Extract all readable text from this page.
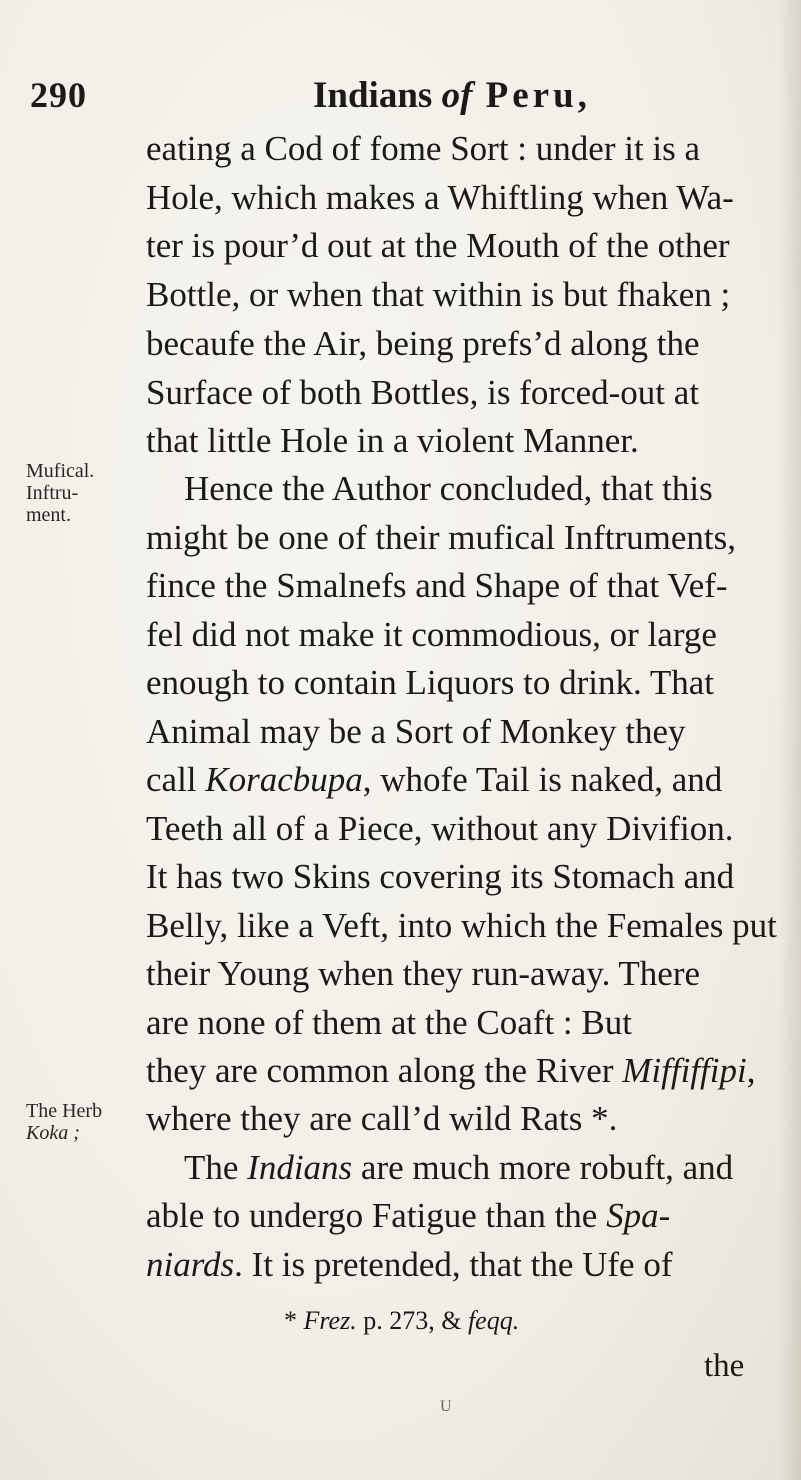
290	Indians of Peru,
Mufical.
Inftru-
ment.
The Herb
Koka ;
eating a Cod of fome Sort : under it is a
Hole, which makes a Whiftling when Wa-
ter is pour’d out at the Mouth of the other
Bottle, or when that within is but fhaken ;
becaufe the Air, being prefs’d along the
Surface of both Bottles, is forced-out at
that little Hole in a violent Manner.
Hence the Author concluded, that this
might be one of their mufical Inftruments,
fince the Smalnefs and Shape of that Vef-
fel did not make it commodious, or large
enough to contain Liquors to drink. That
Animal may be a Sort of Monkey they
call Koracbupa, whofe Tail is naked, and
Teeth all of a Piece, without any Divifion.
It has two Skins covering its Stomach and
Belly, like a Veft, into which the Females put
their Young when they run-away. There
are none of them at the Coaft : But
they are common along the River Miffiffipi,
where they are call’d wild Rats *.
The Indians are much more robuft, and
able to undergo Fatigue than the Spa-
niards. It is pretended, that the Ufe of
* Frez. p. 273, & feqq.
the
U
